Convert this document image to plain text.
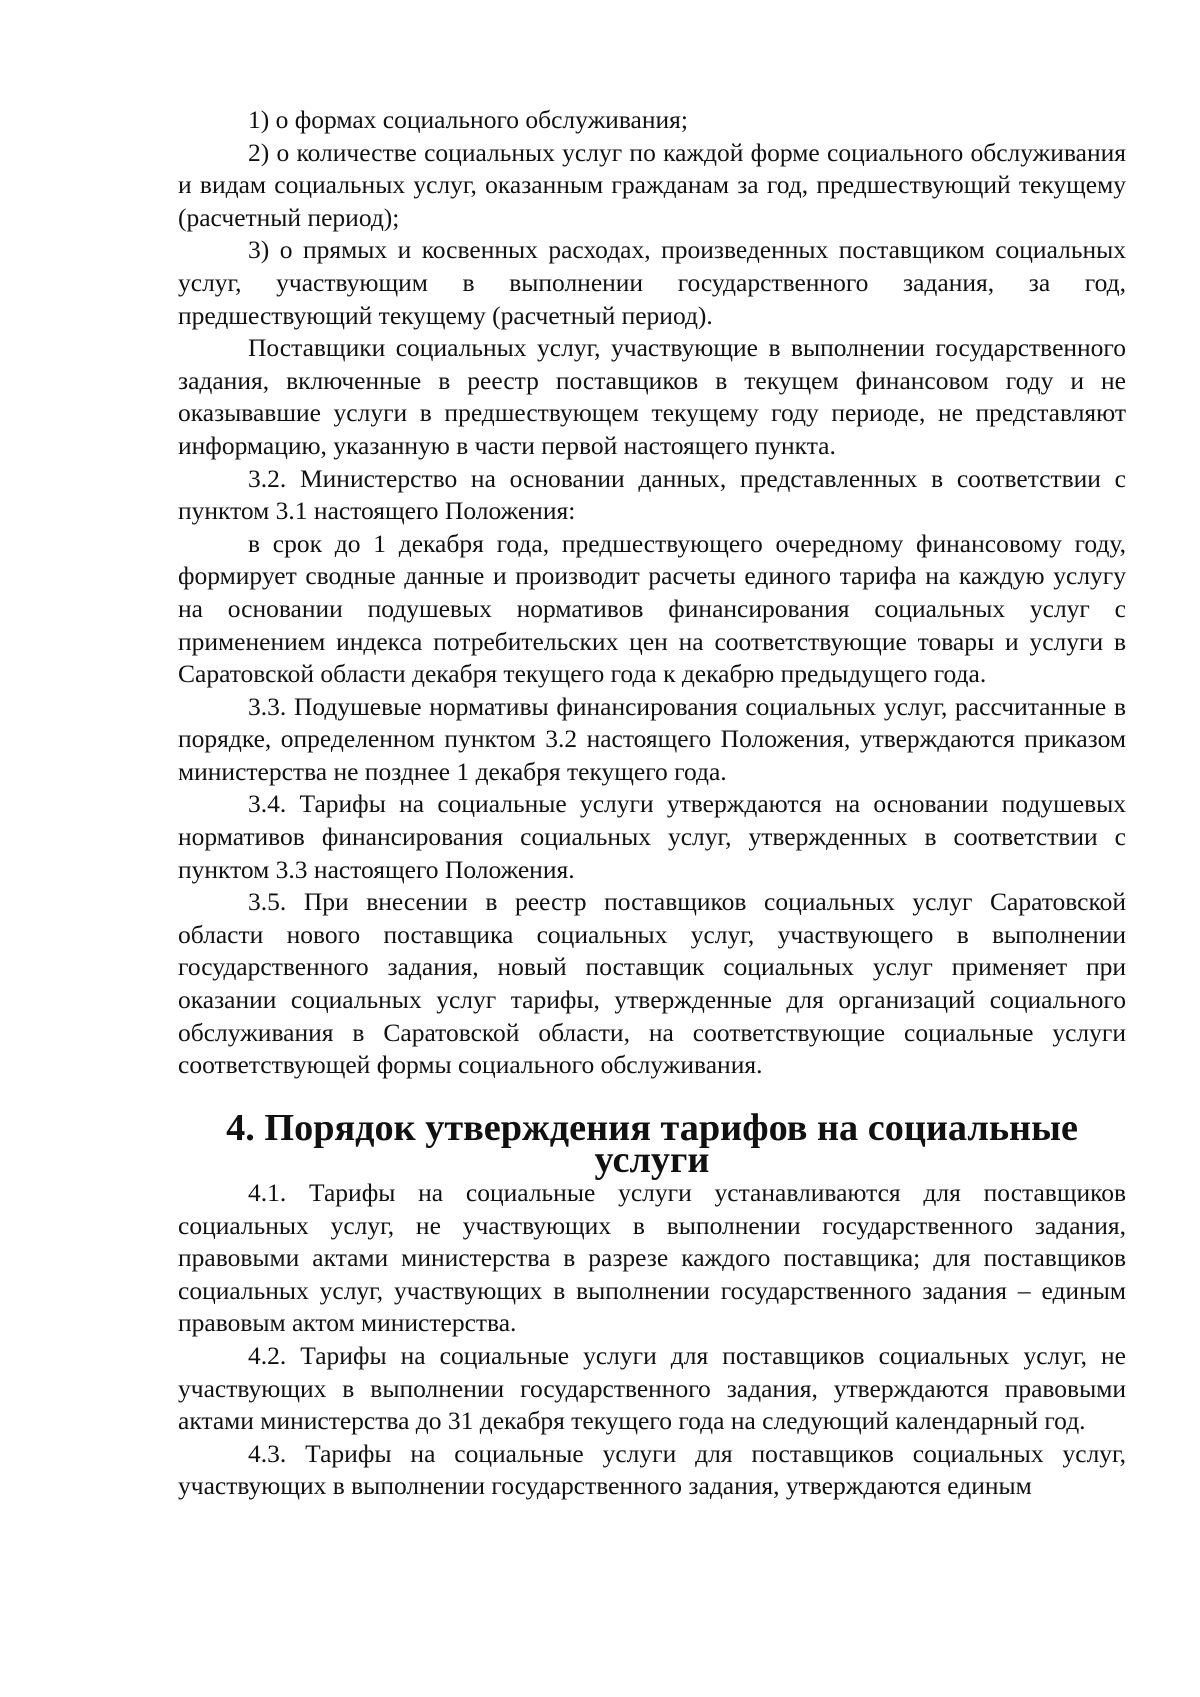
1) о формах социального обслуживания;

2) о количестве социальных услуг по каждой форме социального обслуживания и видам социальных услуг, оказанным гражданам за год, предшествующий текущему (расчетный период);

3) о прямых и косвенных расходах, произведенных поставщиком социальных услуг, участвующим в выполнении государственного задания, за год, предшествующий текущему (расчетный период).

Поставщики социальных услуг, участвующие в выполнении государственного задания, включенные в реестр поставщиков в текущем финансовом году и не оказывавшие услуги в предшествующем текущему году периоде, не представляют информацию, указанную в части первой настоящего пункта.

3.2. Министерство на основании данных, представленных в соответствии с пунктом 3.1 настоящего Положения:

в срок до 1 декабря года, предшествующего очередному финансовому году, формирует сводные данные и производит расчеты единого тарифа на каждую услугу на основании подушевых нормативов финансирования социальных услуг с применением индекса потребительских цен на соответствующие товары и услуги в Саратовской области декабря текущего года к декабрю предыдущего года.

3.3. Подушевые нормативы финансирования социальных услуг, рассчитанные в порядке, определенном пунктом 3.2 настоящего Положения, утверждаются приказом министерства не позднее 1 декабря текущего года.

3.4. Тарифы на социальные услуги утверждаются на основании подушевых нормативов финансирования социальных услуг, утвержденных в соответствии с пунктом 3.3 настоящего Положения.

3.5. При внесении в реестр поставщиков социальных услуг Саратовской области нового поставщика социальных услуг, участвующего в выполнении государственного задания, новый поставщик социальных услуг применяет при оказании социальных услуг тарифы, утвержденные для организаций социального обслуживания в Саратовской области, на соответствующие социальные услуги соответствующей формы социального обслуживания.

4. Порядок утверждения тарифов на социальные услуги

4.1. Тарифы на социальные услуги устанавливаются для поставщиков социальных услуг, не участвующих в выполнении государственного задания, правовыми актами министерства в разрезе каждого поставщика; для поставщиков социальных услуг, участвующих в выполнении государственного задания – единым правовым актом министерства.

4.2. Тарифы на социальные услуги для поставщиков социальных услуг, не участвующих в выполнении государственного задания, утверждаются правовыми актами министерства до 31 декабря текущего года на следующий календарный год.

4.3. Тарифы на социальные услуги для поставщиков социальных услуг, участвующих в выполнении государственного задания, утверждаются единым
